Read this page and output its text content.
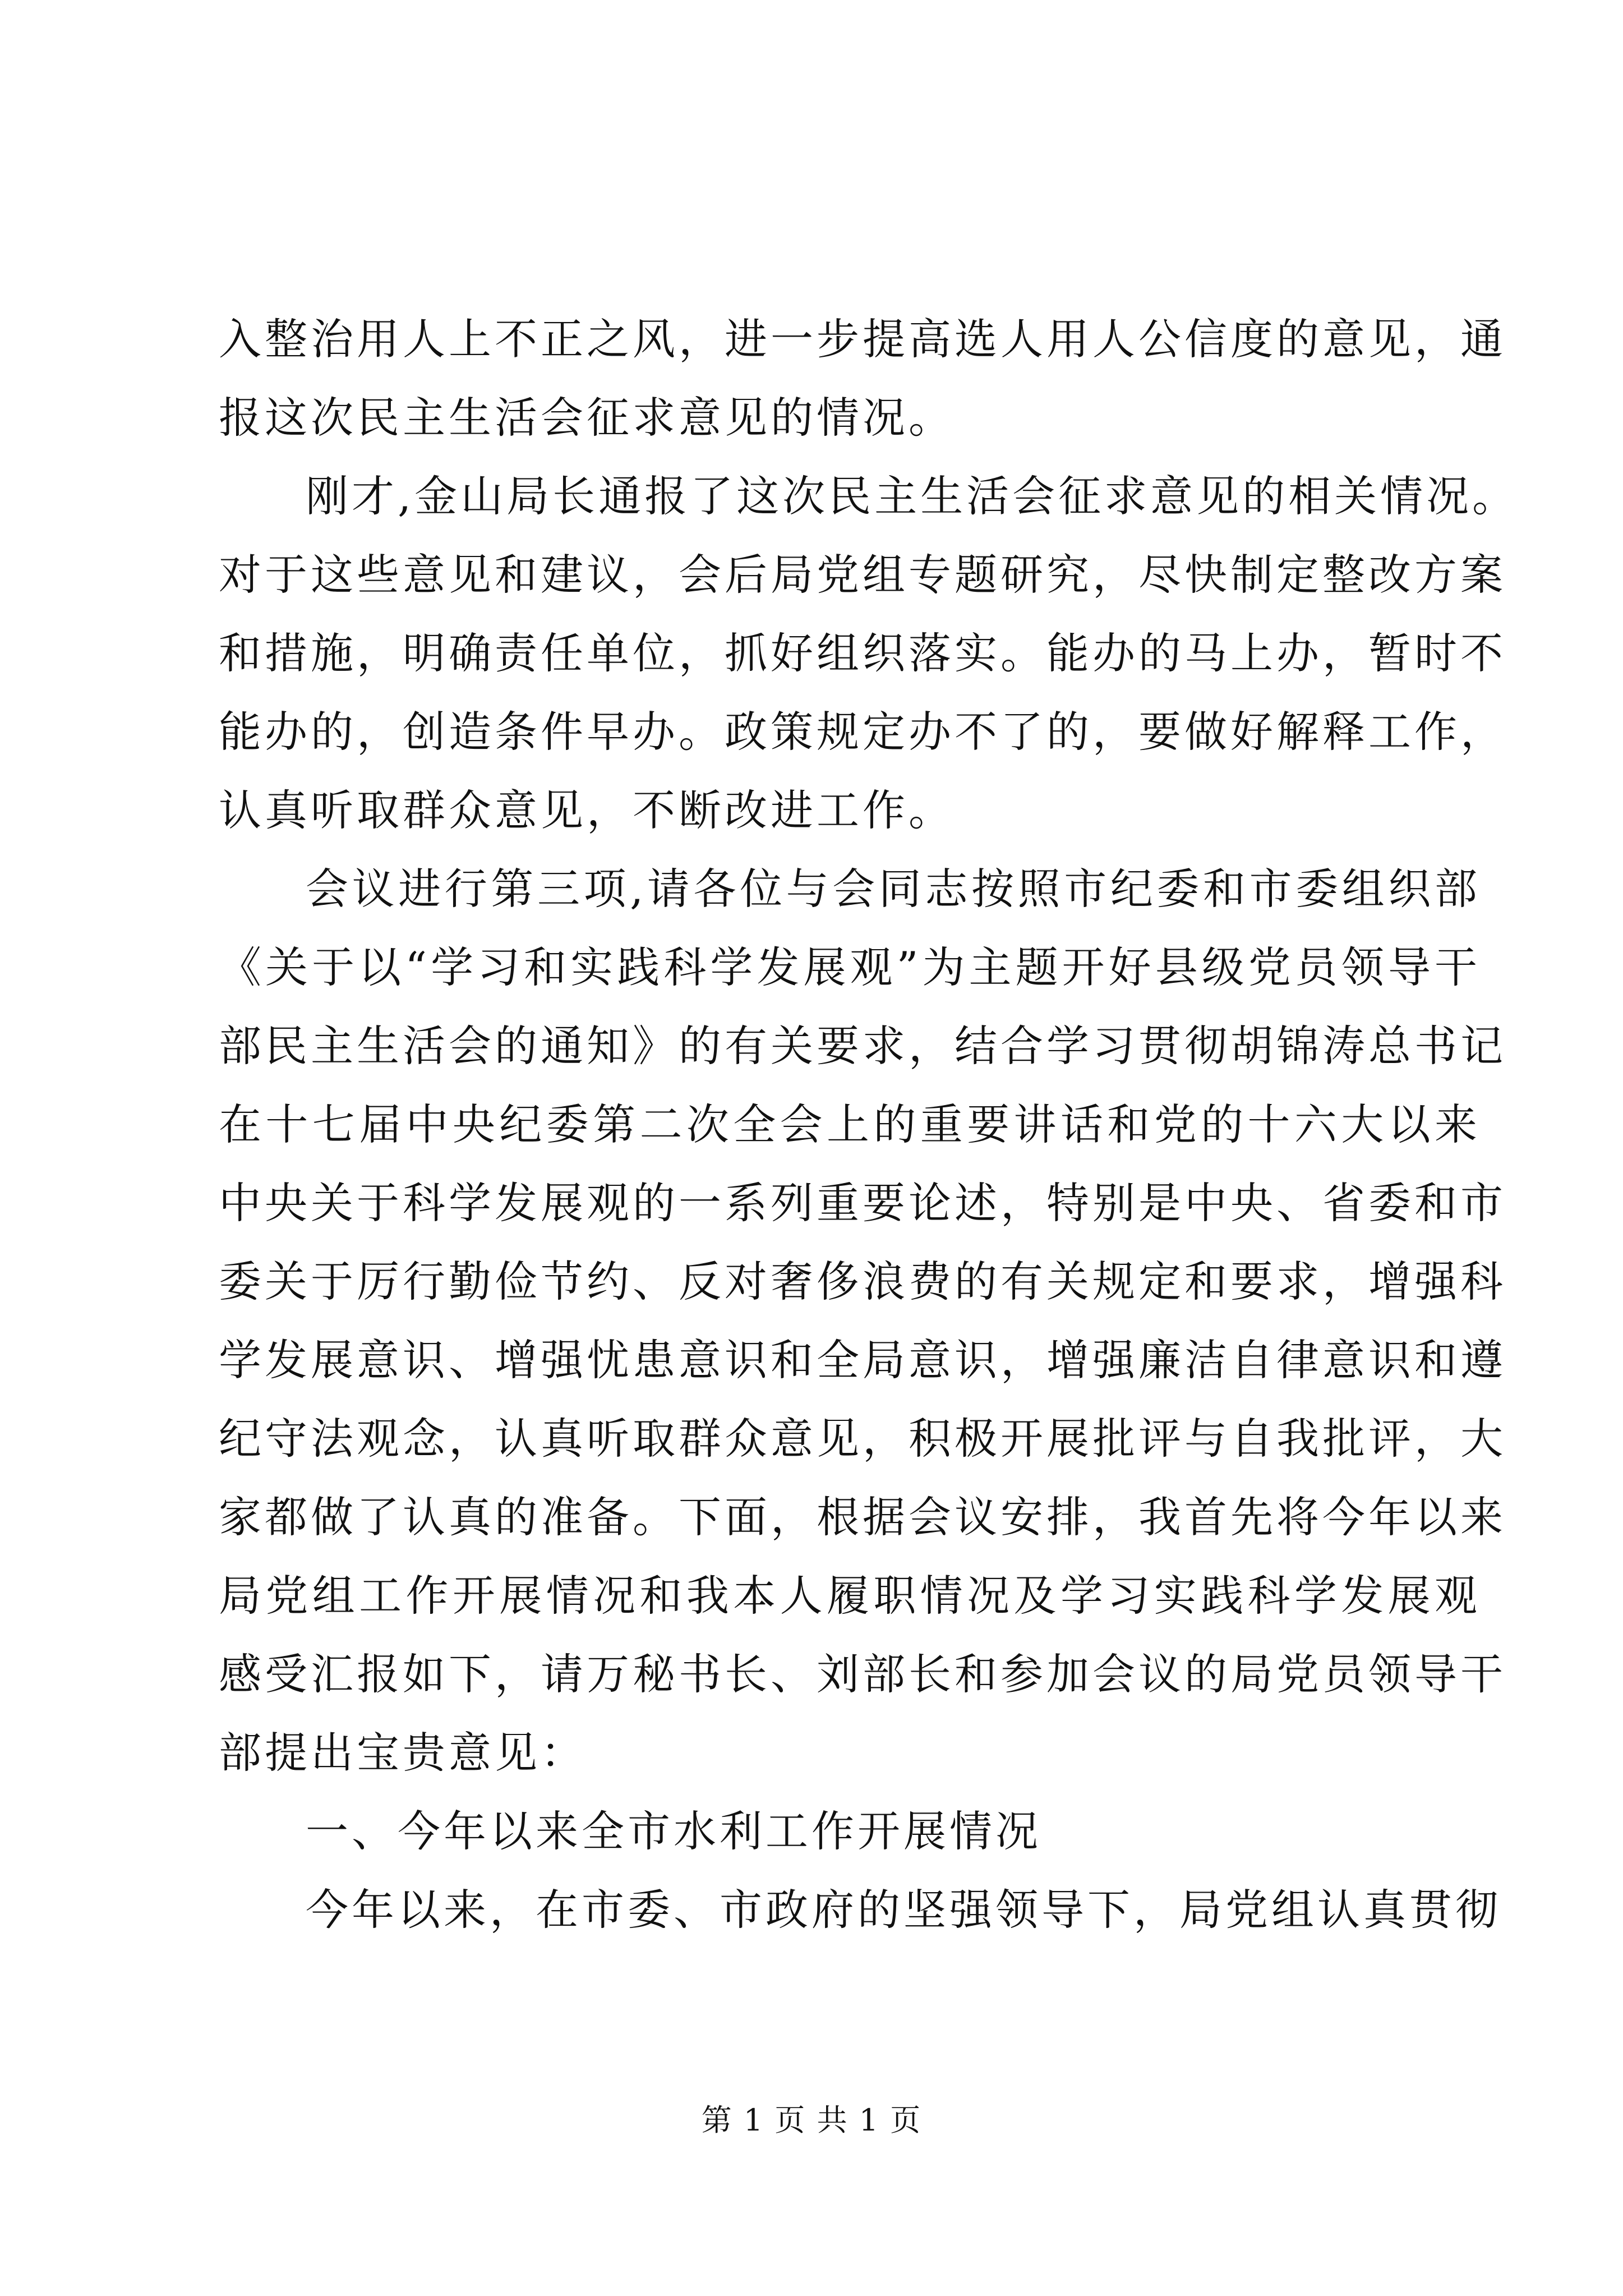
入整治用人上不正之风，进一步提高选人用人公信度的意见，通
报这次民主生活会征求意见的情况。
刚才,金山局长通报了这次民主生活会征求意见的相关情况。
对于这些意见和建议，会后局党组专题研究，尽快制定整改方案
和措施，明确责任单位，抓好组织落实。能办的马上办，暂时不
能办的，创造条件早办。政策规定办不了的，要做好解释工作，
认真听取群众意见，不断改进工作。
会议进行第三项,请各位与会同志按照市纪委和市委组织部
《关于以“学习和实践科学发展观”为主题开好县级党员领导干
部民主生活会的通知》的有关要求，结合学习贯彻胡锦涛总书记
在十七届中央纪委第二次全会上的重要讲话和党的十六大以来
中央关于科学发展观的一系列重要论述，特别是中央、省委和市
委关于厉行勤俭节约、反对奢侈浪费的有关规定和要求，增强科
学发展意识、增强忧患意识和全局意识，增强廉洁自律意识和遵
纪守法观念，认真听取群众意见，积极开展批评与自我批评，大
家都做了认真的准备。下面，根据会议安排，我首先将今年以来
局党组工作开展情况和我本人履职情况及学习实践科学发展观
感受汇报如下，请万秘书长、刘部长和参加会议的局党员领导干
部提出宝贵意见：
一、今年以来全市水利工作开展情况
今年以来，在市委、市政府的坚强领导下，局党组认真贯彻
第 1 页 共 1 页
